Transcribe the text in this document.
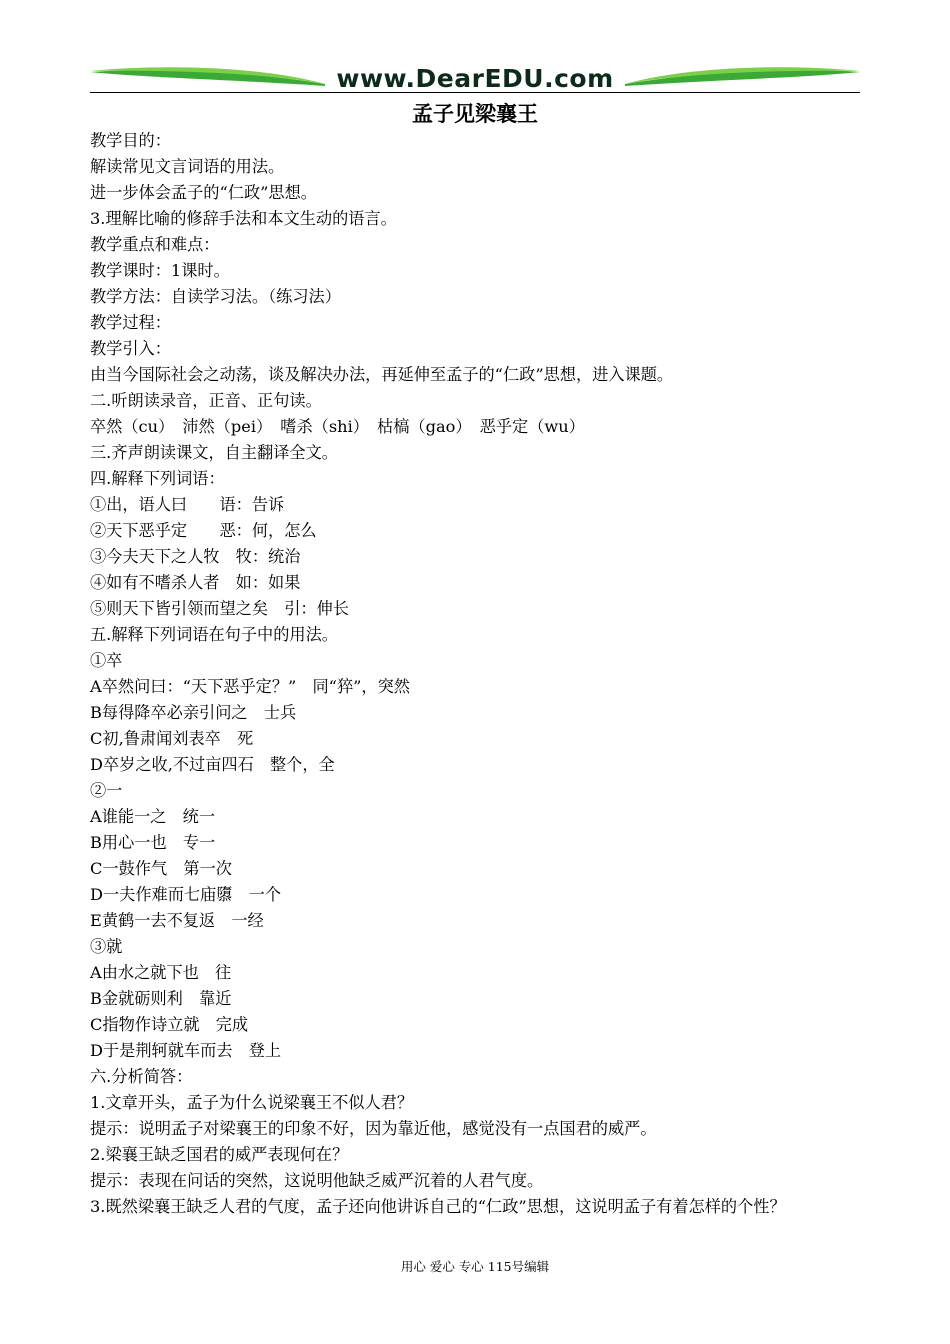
www.DearEDU.com
孟子见梁襄王
教学目的：
解读常见文言词语的用法。
进一步体会孟子的“仁政”思想。
3.理解比喻的修辞手法和本文生动的语言。
教学重点和难点：
教学课时：1课时。
教学方法：自读学习法。（练习法）
教学过程：
教学引入：
由当今国际社会之动荡，谈及解决办法，再延伸至孟子的“仁政”思想，进入课题。
二.听朗读录音，正音、正句读。
卒然（cu）　沛然（pei）　嗜杀（shi）　枯槁（gao）　恶乎定（wu）
三.齐声朗读课文，自主翻译全文。
四.解释下列词语：
①出，语人曰　　语：告诉
②天下恶乎定　　恶：何，怎么
③今夫天下之人牧　牧：统治
④如有不嗜杀人者　如：如果
⑤则天下皆引领而望之矣　引：伸长
五.解释下列词语在句子中的用法。
①卒
A卒然问曰：“天下恶乎定？”　同“猝”，突然
B每得降卒必亲引问之　士兵
C初,鲁肃闻刘表卒　死
D卒岁之收,不过亩四石　整个，全
②一
A谁能一之　统一
B用心一也　专一
C一鼓作气　第一次
D一夫作难而七庙隳　一个
E黄鹤一去不复返　一经
③就
A由水之就下也　往
B金就砺则利　靠近
C指物作诗立就　完成
D于是荆轲就车而去　登上
六.分析简答：
1.文章开头，孟子为什么说梁襄王不似人君？
提示：说明孟子对梁襄王的印象不好，因为靠近他，感觉没有一点国君的威严。
2.梁襄王缺乏国君的威严表现何在？
提示：表现在问话的突然，这说明他缺乏威严沉着的人君气度。
3.既然梁襄王缺乏人君的气度，孟子还向他讲诉自己的“仁政”思想，这说明孟子有着怎样的个性？
用心 爱心 专心 115号编辑
